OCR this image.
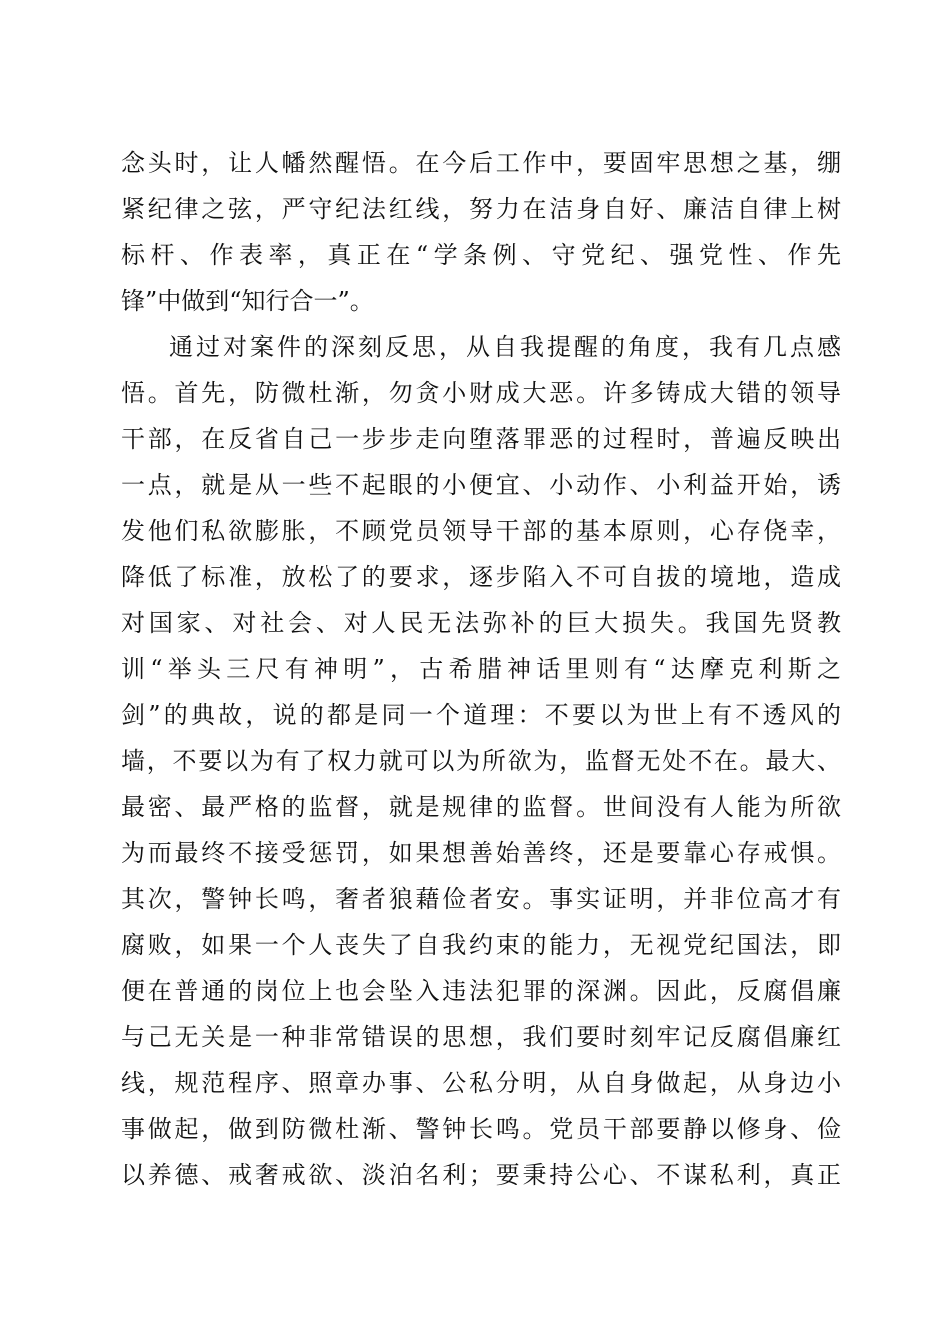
念头时，让人幡然醒悟。在今后工作中，要固牢思想之基，绷
紧纪律之弦，严守纪法红线，努力在洁身自好、廉洁自律上树
标杆、作表率，真正在“学条例、守党纪、强党性、作先
锋”中做到“知行合一”。
通过对案件的深刻反思，从自我提醒的角度，我有几点感
悟。首先，防微杜渐，勿贪小财成大恶。许多铸成大错的领导
干部，在反省自己一步步走向堕落罪恶的过程时，普遍反映出
一点，就是从一些不起眼的小便宜、小动作、小利益开始，诱
发他们私欲膨胀，不顾党员领导干部的基本原则，心存侥幸，
降低了标准，放松了的要求，逐步陷入不可自拔的境地，造成
对国家、对社会、对人民无法弥补的巨大损失。我国先贤教
训“举头三尺有神明”，古希腊神话里则有“达摩克利斯之
剑”的典故，说的都是同一个道理：不要以为世上有不透风的
墙，不要以为有了权力就可以为所欲为，监督无处不在。最大、
最密、最严格的监督，就是规律的监督。世间没有人能为所欲
为而最终不接受惩罚，如果想善始善终，还是要靠心存戒惧。
其次，警钟长鸣，奢者狼藉俭者安。事实证明，并非位高才有
腐败，如果一个人丧失了自我约束的能力，无视党纪国法，即
便在普通的岗位上也会坠入违法犯罪的深渊。因此，反腐倡廉
与己无关是一种非常错误的思想，我们要时刻牢记反腐倡廉红
线，规范程序、照章办事、公私分明，从自身做起，从身边小
事做起，做到防微杜渐、警钟长鸣。党员干部要静以修身、俭
以养德、戒奢戒欲、淡泊名利；要秉持公心、不谋私利，真正
